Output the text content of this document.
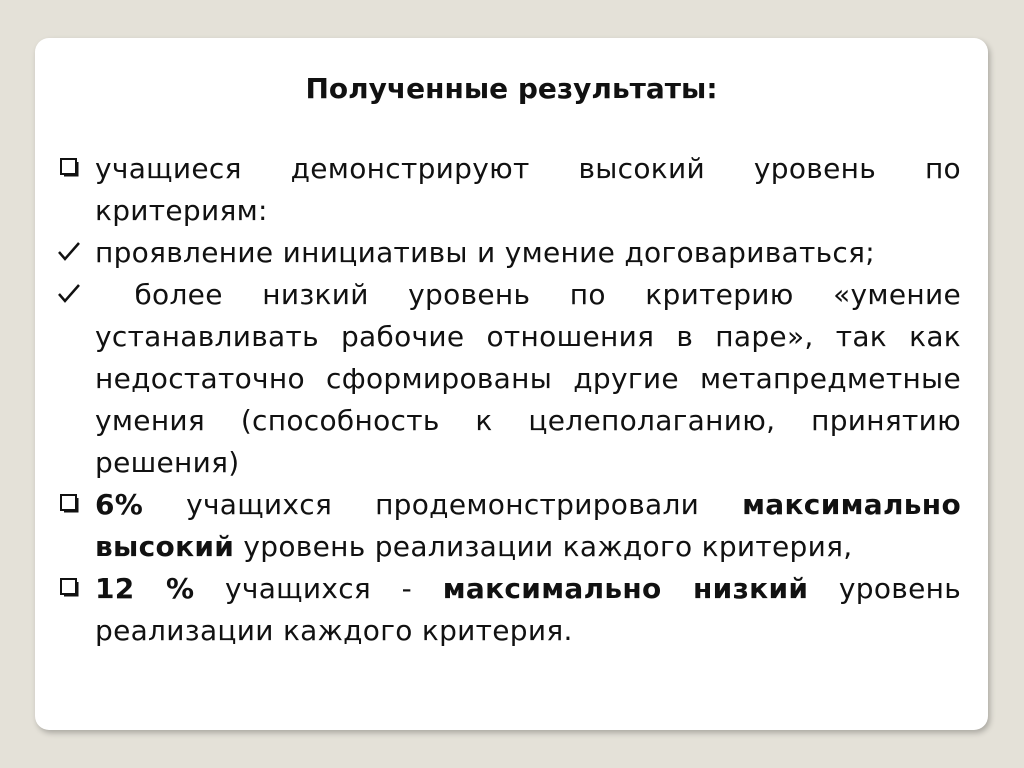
Полученные результаты:
учащиеся демонстрируют высокий уровень по критериям:
проявление инициативы и умение договариваться;
более низкий уровень по критерию «умение устанавливать рабочие отношения в паре», так как недостаточно сформированы другие метапредметные умения (способность к целеполаганию, принятию решения)
6% учащихся продемонстрировали максимально высокий уровень реализации каждого критерия,
12 % учащихся - максимально низкий уровень реализации каждого критерия.
